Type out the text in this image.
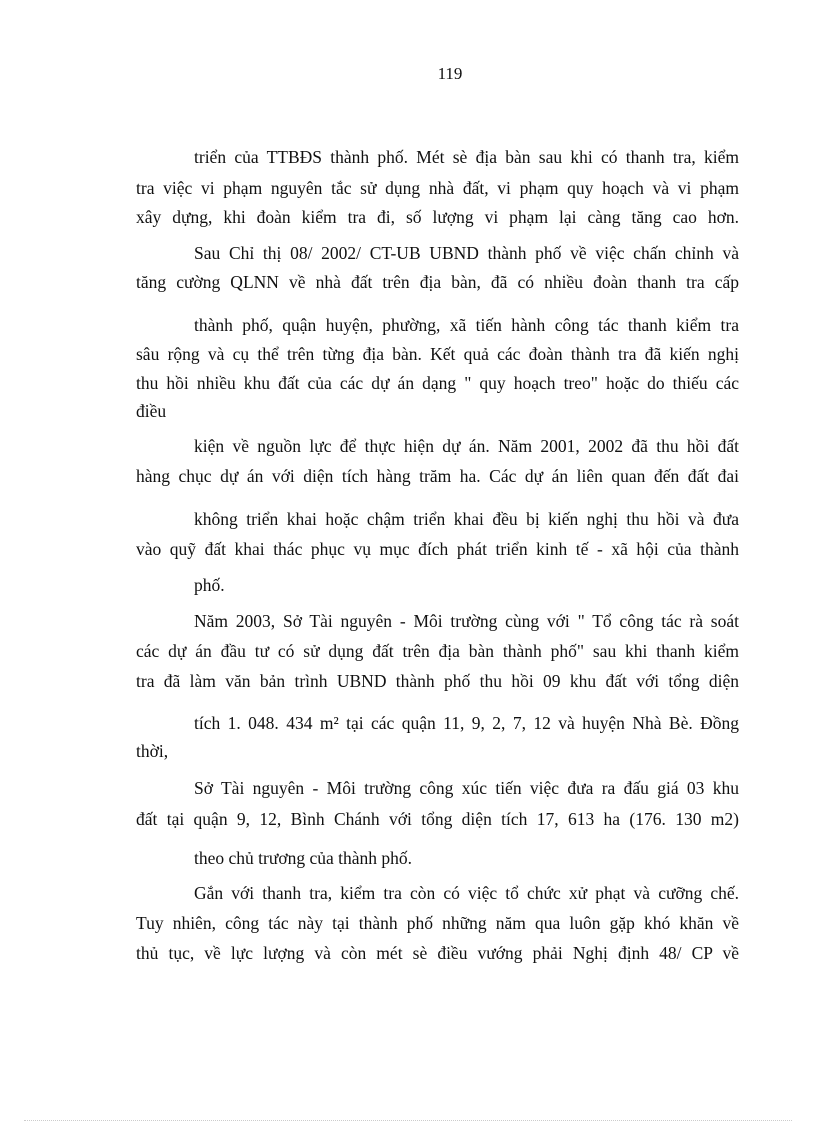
119
triển của TTBĐS thành phố. Mét sè địa bàn sau khi có thanh tra, kiểm
tra việc vi phạm nguyên tắc sử dụng nhà đất, vi phạm quy hoạch và vi phạm
xây dựng, khi đoàn kiểm tra đi, số lượng vi phạm lại càng tăng cao hơn.
Sau Chỉ thị 08/ 2002/ CT-UB UBND thành phố về việc chấn chỉnh và
tăng cường QLNN về nhà đất trên địa bàn, đã có nhiều đoàn thanh tra cấp
thành phố, quận huyện, phường, xã tiến hành công tác thanh kiểm tra
sâu rộng và cụ thể trên từng địa bàn. Kết quả các đoàn thành tra đã kiến nghị
thu hồi nhiều khu đất của các dự án dạng " quy hoạch treo" hoặc do thiếu các
điều
kiện về nguồn lực để thực hiện dự án. Năm 2001, 2002 đã thu hồi đất
hàng chục dự án với diện tích hàng trăm ha. Các dự án liên quan đến đất đai
không triển khai hoặc chậm triển khai đều bị kiến nghị thu hồi và đưa
vào quỹ đất khai thác phục vụ mục đích phát triển kinh tế - xã hội của thành
phố.
Năm 2003, Sở Tài nguyên - Môi trường cùng với " Tổ công tác rà soát
các dự án đầu tư có sử dụng đất trên địa bàn thành phố" sau khi thanh kiểm
tra đã làm văn bản trình UBND thành phố thu hồi 09 khu đất với tổng diện
tích 1. 048. 434 m² tại các quận 11, 9, 2, 7, 12 và huyện Nhà Bè. Đồng
thời,
Sở Tài nguyên - Môi trường công xúc tiến việc đưa ra đấu giá 03 khu
đất tại quận 9, 12, Bình Chánh với tổng diện tích 17, 613 ha (176. 130 m2)
theo chủ trương của thành phố.
Gắn với thanh tra, kiểm tra còn có việc tổ chức xử phạt và cưỡng chế.
Tuy nhiên, công tác này tại thành phố những năm qua luôn gặp khó khăn về
thủ tục, về lực lượng và còn mét sè điều vướng phải Nghị định 48/ CP về
